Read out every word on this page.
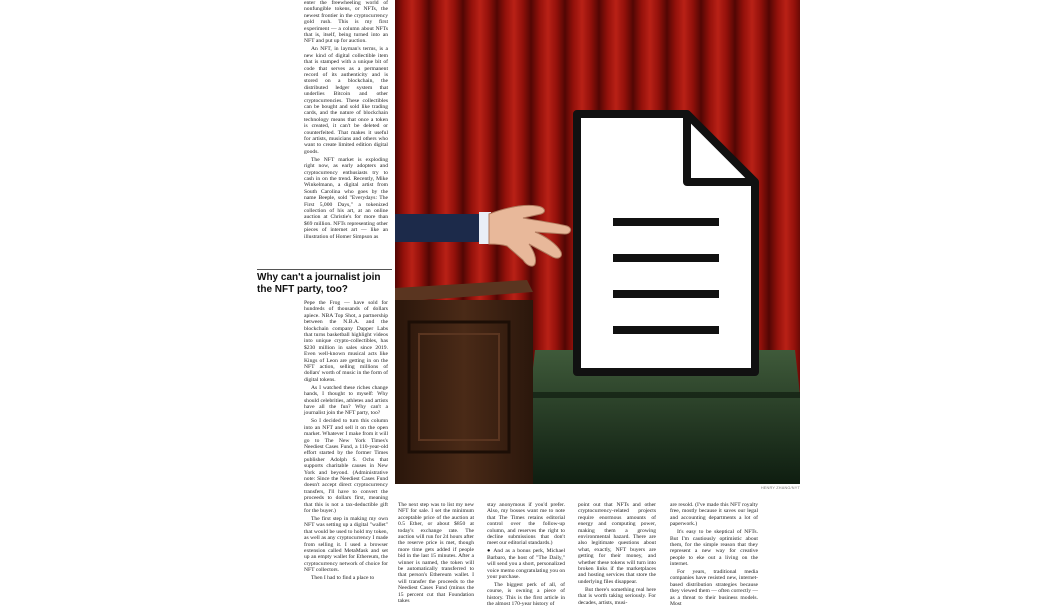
enter the freewheeling world of nonfungible tokens, or NFTs, the newest frontier in the cryptocurrency gold rush. This is my first experiment — a column about NFTs that is, itself, being turned into an NFT and put up for auction.

An NFT, in layman's terms, is a new kind of digital collectible item that is stamped with a unique bit of code that serves as a permanent record of its authenticity and is stored on a blockchain, the distributed ledger system that underlies Bitcoin and other cryptocurrencies. These collectibles can be bought and sold like trading cards, and the nature of blockchain technology means that once a token is created, it can't be deleted or counterfeited. That makes it useful for artists, musicians and others who want to create limited edition digital goods.

The NFT market is exploding right now, as early adopters and cryptocurrency enthusiasts try to cash in on the trend. Recently, Mike Winkelmann, a digital artist from South Carolina who goes by the name Beeple, sold "Everydays: The First 5,000 Days," a tokenized collection of his art, at an online auction at Christie's for more than $69 million. NFTs representing other pieces of internet art — like an illustration of Homer Simpson as

Why can't a journalist join the NFT party, too?

Pepe the Frog — have sold for hundreds of thousands of dollars apiece. NBA Top Shot, a partnership between the N.B.A. and the blockchain company Dapper Labs that turns basketball highlight videos into unique crypto-collectibles, has $230 million in sales since 2019. Even well-known musical acts like Kings of Leon are getting in on the NFT action, selling millions of dollars' worth of music in the form of digital tokens.

As I watched these riches change hands, I thought to myself: Why should celebrities, athletes and artists have all the fun? Why can't a journalist join the NFT party, too?

So I decided to turn this column into an NFT and sell it on the open market. Whatever I make from it will go to The New York Times's Neediest Cases Fund, a 110-year-old effort started by the former Times publisher Adolph S. Ochs that supports charitable causes in New York and beyond. (Administrative note: Since the Neediest Cases Fund doesn't accept direct cryptocurrency transfers, I'll have to convert the proceeds to dollars first, meaning that this is not a tax-deductible gift for the buyer.)

The first step in making my own NFT was setting up a digital "wallet" that would be used to hold my token, as well as any cryptocurrency I made from selling it. I used a browser extension called MetaMask and set up an empty wallet for Ethereum, the cryptocurrency network of choice for NFT collectors.

Then I had to find a place to

HENRY ZHANG/NYT

The next step was to list my new NFT for sale. I set the minimum acceptable price of the auction at 0.5 Ether, or about $850 at today's exchange rate. The auction will run for 24 hours after the reserve price is met, though more time gets added if people bid in the last 15 minutes. After a winner is named, the token will be automatically transferred to that person's Ethereum wallet. I will transfer the proceeds to the Neediest Cases Fund (minus the 15 percent cut that Foundation takes

stay anonymous if you'd prefer. Also, my bosses want me to note that The Times retains editorial control over the follow-up column, and reserves the right to decline submissions that don't meet our editorial standards.)

● And as a bonus perk, Michael Barbaro, the host of "The Daily," will send you a short, personalized voice memo congratulating you on your purchase.

The biggest perk of all, of course, is owning a piece of history. This is the first article in the almost 170-year history of

point out that NFTs and other cryptocurrency-related projects require enormous amounts of energy and computing power, making them a growing environmental hazard. There are also legitimate questions about what, exactly, NFT buyers are getting for their money, and whether these tokens will turn into broken links if the marketplaces and hosting services that store the underlying files disappear.

But there's something real here that is worth taking seriously. For decades, artists, musi-

are resold. (I've made this NFT royalty free, mostly because it saves our legal and accounting departments a lot of paperwork.)

It's easy to be skeptical of NFTs. But I'm cautiously optimistic about them, for the simple reason that they represent a new way for creative people to eke out a living on the internet.

For years, traditional media companies have resisted new, internet-based distribution strategies because they viewed them — often correctly — as a threat to their business models. Most
